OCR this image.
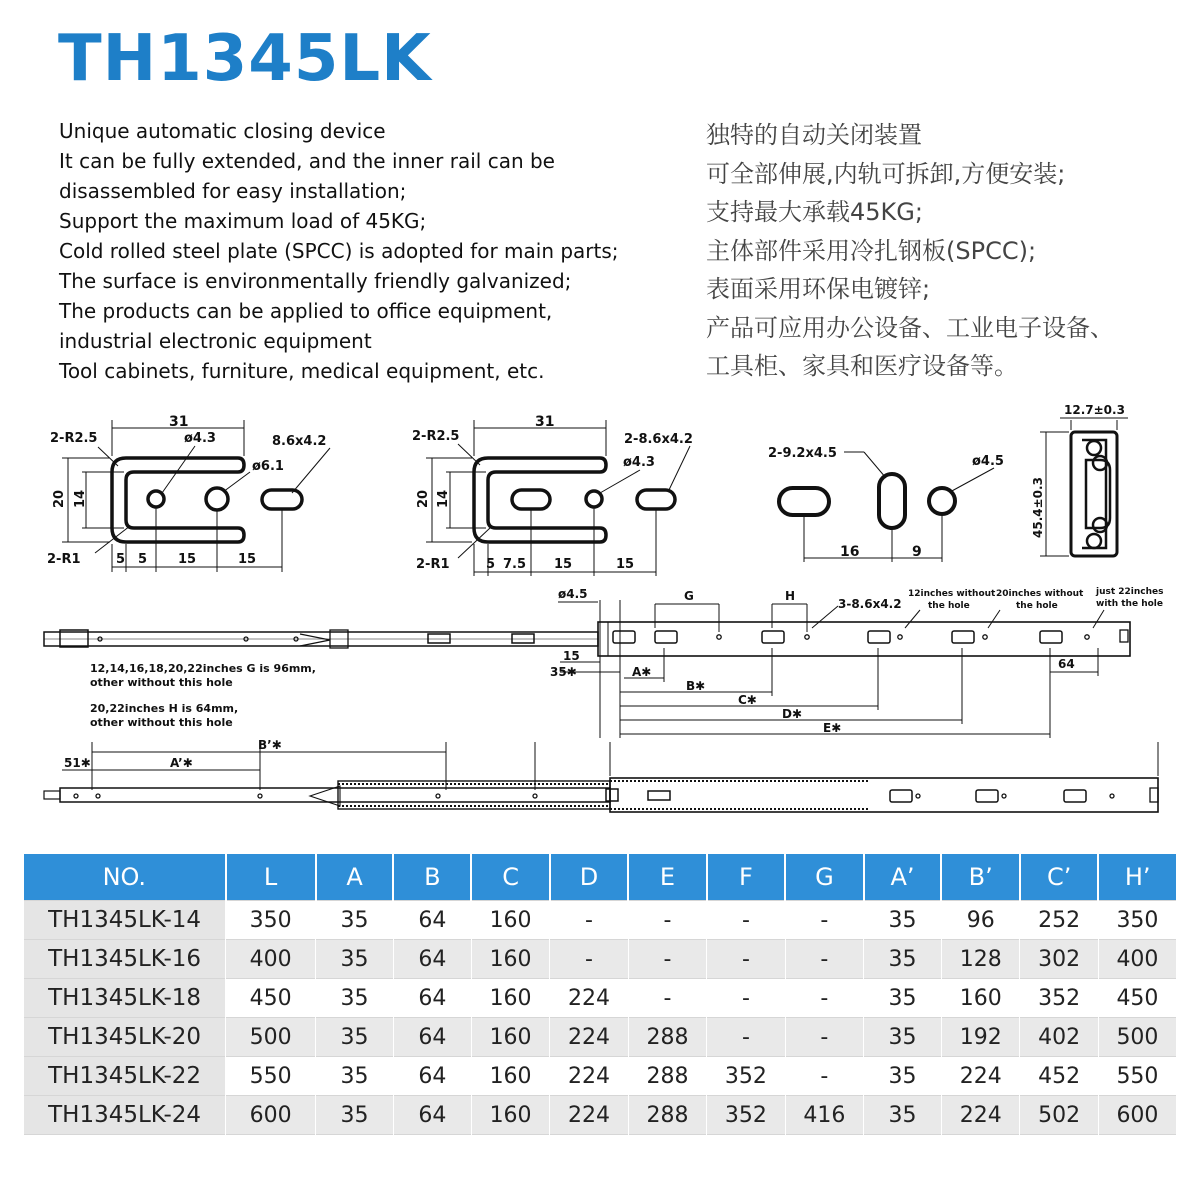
TH1345LK
Unique automatic closing device
It can be fully extended, and the inner rail can be
disassembled for easy installation;
Support the maximum load of 45KG;
Cold rolled steel plate (SPCC) is adopted for main parts;
The surface is environmentally friendly galvanized;
The products can be applied to office equipment,
industrial electronic equipment
Tool cabinets, furniture, medical equipment, etc.
独特的自动关闭装置
可全部伸展,内轨可拆卸,方便安装;
支持最大承载45KG;
主体部件采用冷扎钢板(SPCC);
表面采用环保电镀锌;
产品可应用办公设备、工业电子设备、
工具柜、家具和医疗设备等。
31
2-R2.5	ø4.3	8.6x4.2
ø6.1
20 14
2-R1	5 5 15	15
31
2-R2.5	2-8.6x4.2
ø4.3
20 14
2-R1	5 7.5 15	15
2-9.2x4.5
ø4.5
16	9
12.7±0.3
45.4±0.3
ø4.5	G	H
3-8.6x4.2
12inches without
the hole
20inches without
the hole
just 22inches
with the hole
15
35✱	A✱
B✱
C✱
D✱
E✱
64
12,14,16,18,20,22inches G is 96mm,
other without this hole
20,22inches H is 64mm,
other without this hole
51✱	A’✱
B’✱
NO.	L	A	B	C	D	E	F	G	A’	B’	C’	H’
TH1345LK-14	350	35	64	160	-	-	-	-	35	96	252	350
TH1345LK-16	400	35	64	160	-	-	-	-	35	128	302	400
TH1345LK-18	450	35	64	160	224	-	-	-	35	160	352	450
TH1345LK-20	500	35	64	160	224	288	-	-	35	192	402	500
TH1345LK-22	550	35	64	160	224	288	352	-	35	224	452	550
TH1345LK-24	600	35	64	160	224	288	352	416	35	224	502	600
